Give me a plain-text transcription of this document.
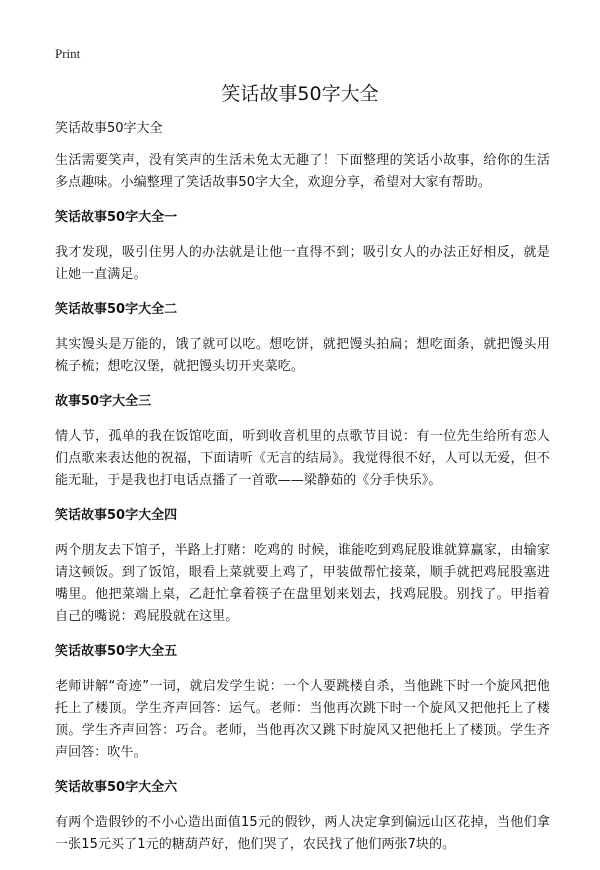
Print
笑话故事50字大全

笑话故事50字大全

生活需要笑声，没有笑声的生活未免太无趣了！下面整理的笑话小故事，给你的生活多点趣味。小编整理了笑话故事50字大全，欢迎分享，希望对大家有帮助。

笑话故事50字大全一

我才发现，吸引住男人的办法就是让他一直得不到；吸引女人的办法正好相反，就是让她一直满足。

笑话故事50字大全二

其实馒头是万能的，饿了就可以吃。想吃饼，就把馒头拍扁；想吃面条，就把馒头用梳子梳；想吃汉堡，就把馒头切开夹菜吃。

故事50字大全三

情人节，孤单的我在饭馆吃面，听到收音机里的点歌节目说：有一位先生给所有恋人们点歌来表达他的祝福，下面请听《无言的结局》。我觉得很不好，人可以无爱，但不能无耻，于是我也打电话点播了一首歌——梁静茹的《分手快乐》。

笑话故事50字大全四

两个朋友去下馆子，半路上打赌：吃鸡的 时候，谁能吃到鸡屁股谁就算赢家，由输家请这顿饭。到了饭馆，眼看上菜就要上鸡了，甲装做帮忙接菜，顺手就把鸡屁股塞进嘴里。他把菜端上桌，乙赶忙拿着筷子在盘里划来划去，找鸡屁股。别找了。甲指着自己的嘴说：鸡屁股就在这里。

笑话故事50字大全五

老师讲解“奇迹”一词，就启发学生说：一个人要跳楼自杀，当他跳下时一个旋风把他托上了楼顶。学生齐声回答：运气。老师：当他再次跳下时一个旋风又把他托上了楼顶。学生齐声回答：巧合。老师，当他再次又跳下时旋风又把他托上了楼顶。学生齐声回答：吹牛。

笑话故事50字大全六

有两个造假钞的不小心造出面值15元的假钞，两人决定拿到偏远山区花掉，当他们拿一张15元买了1元的糖葫芦好，他们哭了，农民找了他们两张7块的。
